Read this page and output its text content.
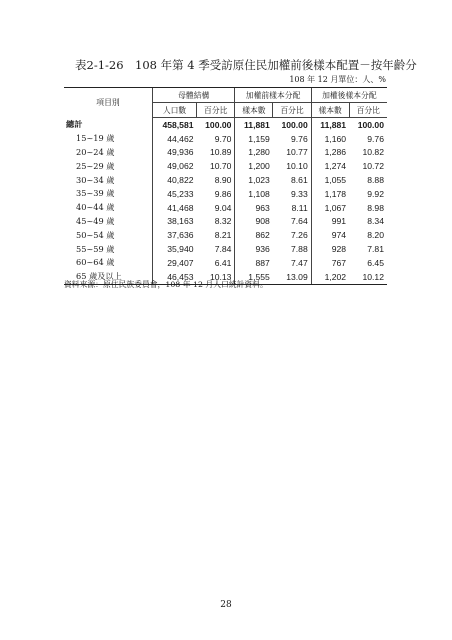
表2-1-26　108 年第 4 季受訪原住民加權前後樣本配置－按年齡分
108 年 12 月單位：人、%
項目別	母體結構		加權前樣本分配		加權後樣本分配	
	人口數	百分比	樣本數	百分比	樣本數	百分比
總計	458,581	100.00	11,881	100.00	11,881	100.00
15~19 歲	44,462	9.70	1,159	9.76	1,160	9.76
20~24 歲	49,936	10.89	1,280	10.77	1,286	10.82
25~29 歲	49,062	10.70	1,200	10.10	1,274	10.72
30~34 歲	40,822	8.90	1,023	8.61	1,055	8.88
35~39 歲	45,233	9.86	1,108	9.33	1,178	9.92
40~44 歲	41,468	9.04	963	8.11	1,067	8.98
45~49 歲	38,163	8.32	908	7.64	991	8.34
50~54 歲	37,636	8.21	862	7.26	974	8.20
55~59 歲	35,940	7.84	936	7.88	928	7.81
60~64 歲	29,407	6.41	887	7.47	767	6.45
65 歲及以上	46,453	10.13	1,555	13.09	1,202	10.12
資料來源：原住民族委員會，108 年 12 月人口統計資料。
28
